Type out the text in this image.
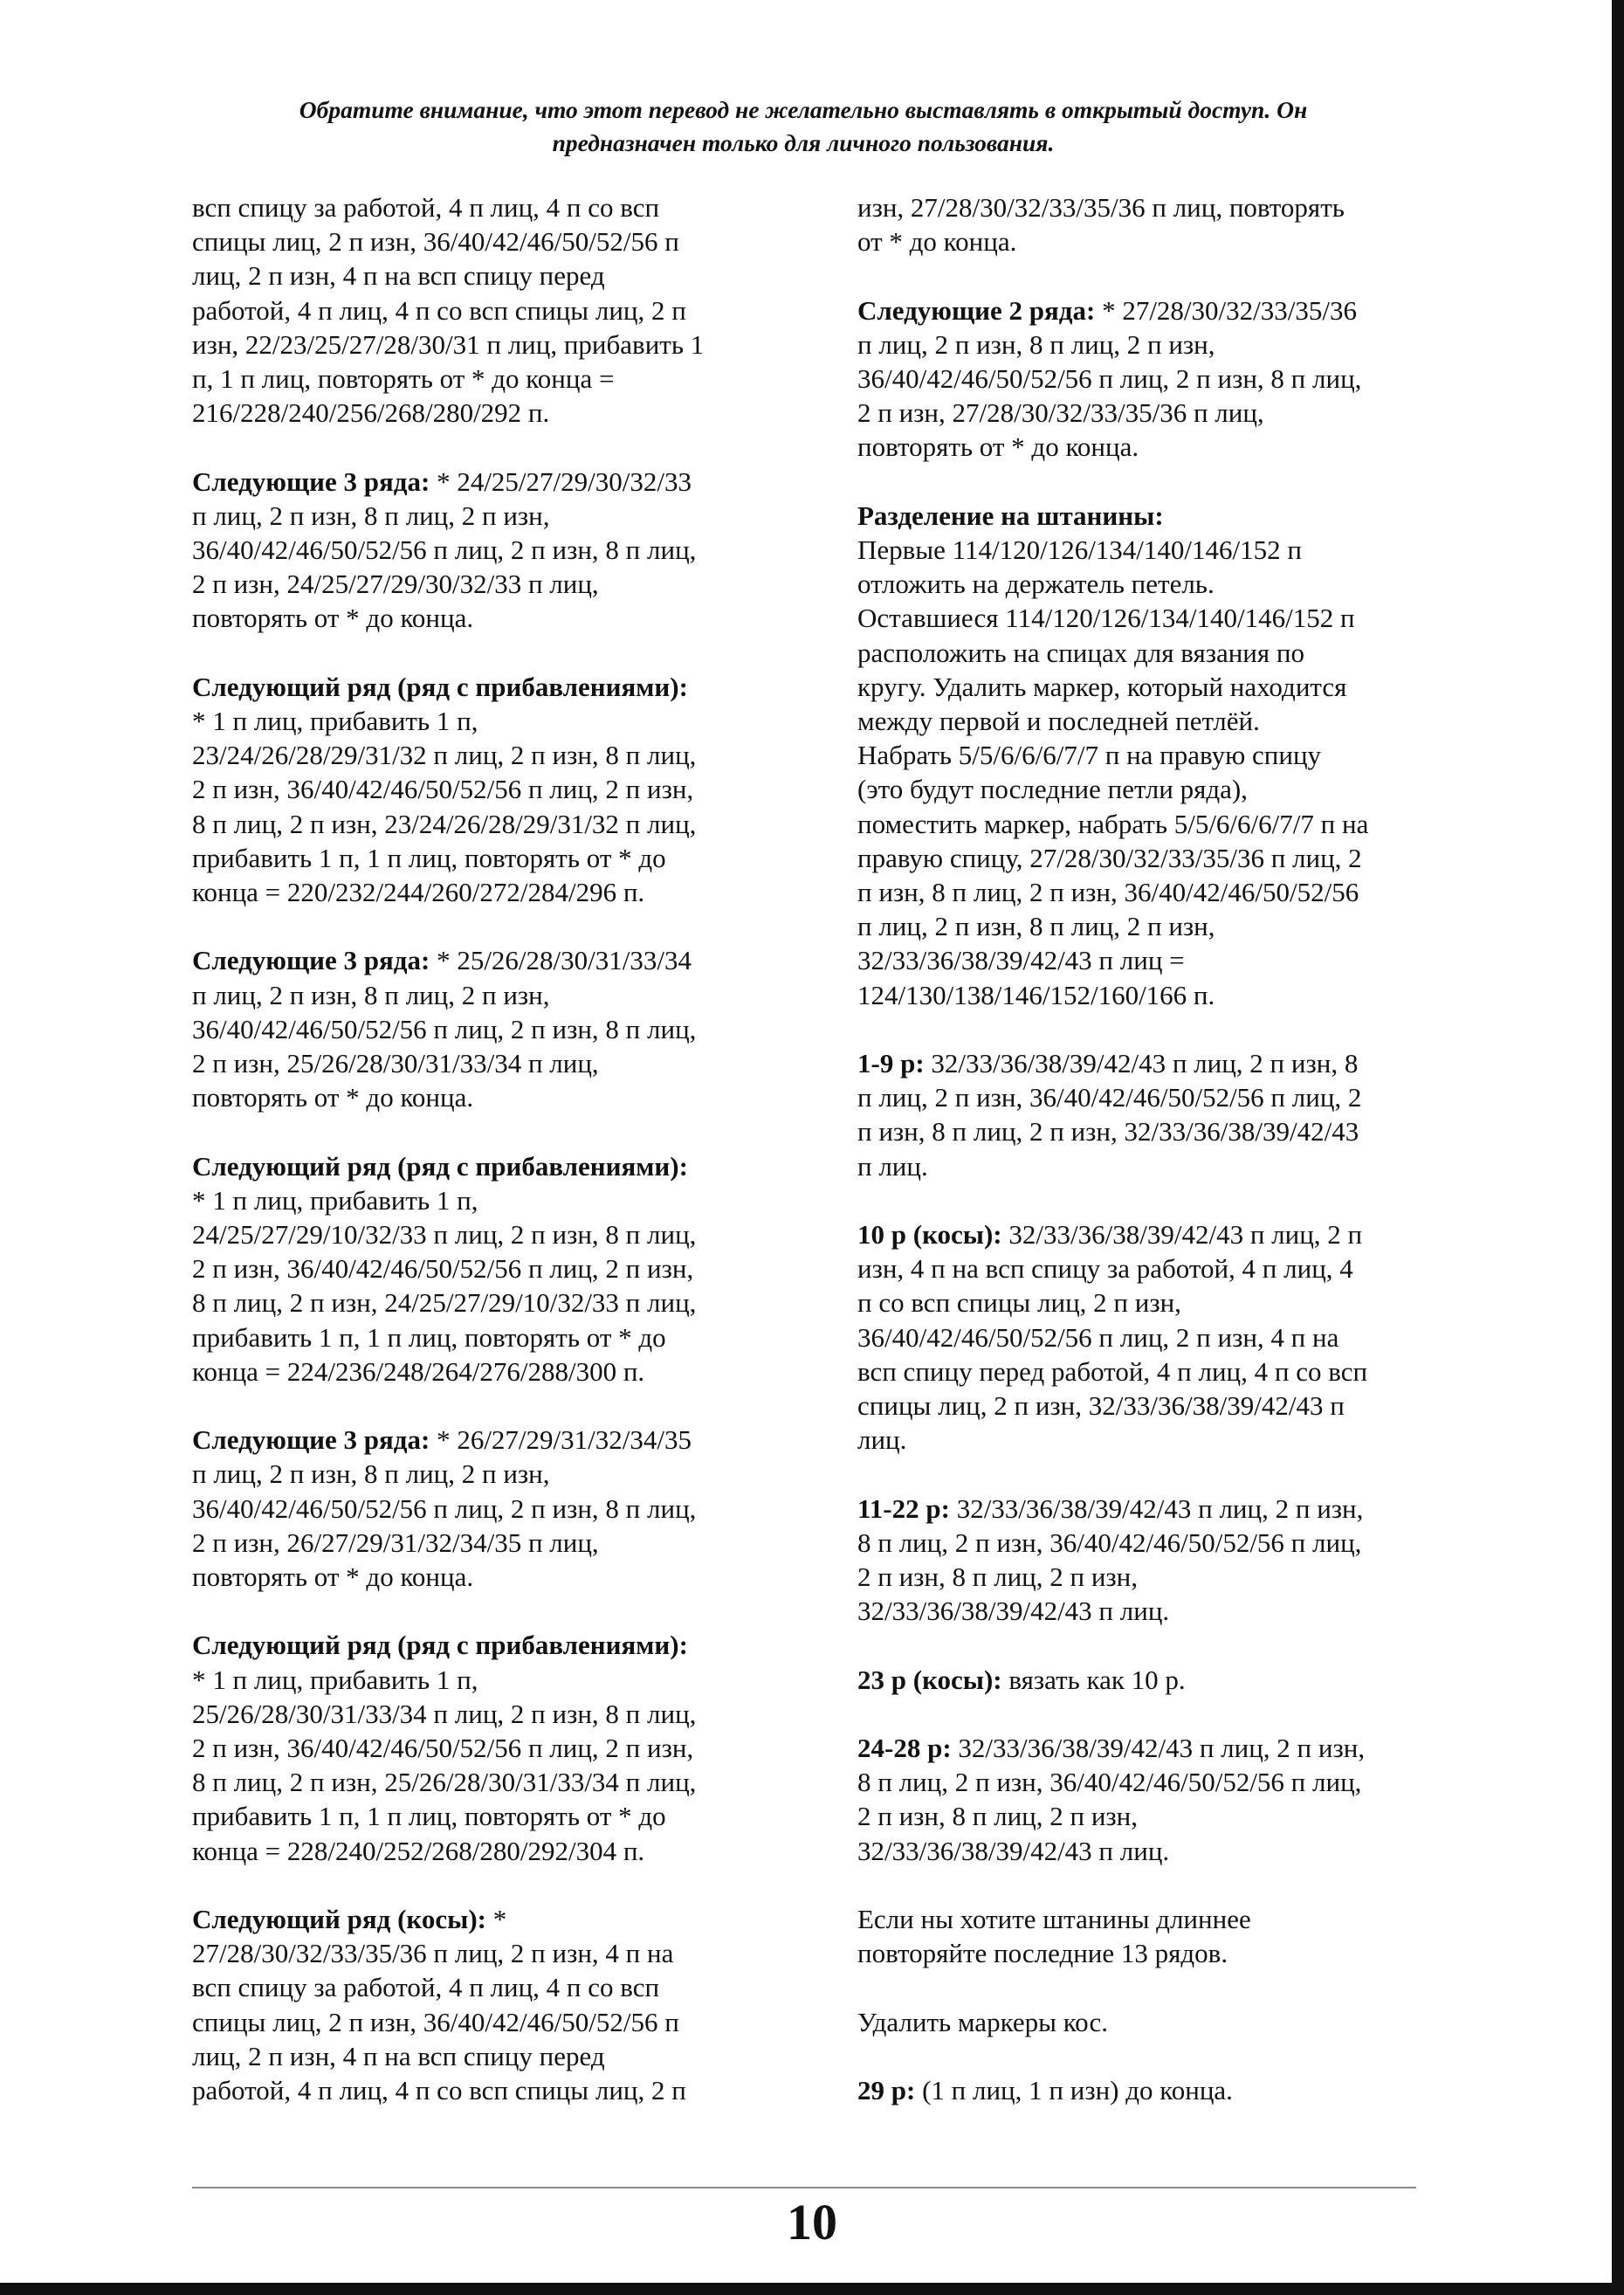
Обратите внимание, что этот перевод не желательно выставлять в открытый доступ. Он
предназначен только для личного пользования.

всп спицу за работой, 4 п лиц, 4 п со всп
спицы лиц, 2 п изн, 36/40/42/46/50/52/56 п
лиц, 2 п изн, 4 п на всп спицу перед
работой, 4 п лиц, 4 п со всп спицы лиц, 2 п
изн, 22/23/25/27/28/30/31 п лиц, прибавить 1
п, 1 п лиц, повторять от * до конца =
216/228/240/256/268/280/292 п.

Следующие 3 ряда: * 24/25/27/29/30/32/33
п лиц, 2 п изн, 8 п лиц, 2 п изн,
36/40/42/46/50/52/56 п лиц, 2 п изн, 8 п лиц,
2 п изн, 24/25/27/29/30/32/33 п лиц,
повторять от * до конца.

Следующий ряд (ряд с прибавлениями):
* 1 п лиц, прибавить 1 п,
23/24/26/28/29/31/32 п лиц, 2 п изн, 8 п лиц,
2 п изн, 36/40/42/46/50/52/56 п лиц, 2 п изн,
8 п лиц, 2 п изн, 23/24/26/28/29/31/32 п лиц,
прибавить 1 п, 1 п лиц, повторять от * до
конца = 220/232/244/260/272/284/296 п.

Следующие 3 ряда: * 25/26/28/30/31/33/34
п лиц, 2 п изн, 8 п лиц, 2 п изн,
36/40/42/46/50/52/56 п лиц, 2 п изн, 8 п лиц,
2 п изн, 25/26/28/30/31/33/34 п лиц,
повторять от * до конца.

Следующий ряд (ряд с прибавлениями):
* 1 п лиц, прибавить 1 п,
24/25/27/29/10/32/33 п лиц, 2 п изн, 8 п лиц,
2 п изн, 36/40/42/46/50/52/56 п лиц, 2 п изн,
8 п лиц, 2 п изн, 24/25/27/29/10/32/33 п лиц,
прибавить 1 п, 1 п лиц, повторять от * до
конца = 224/236/248/264/276/288/300 п.

Следующие 3 ряда: * 26/27/29/31/32/34/35
п лиц, 2 п изн, 8 п лиц, 2 п изн,
36/40/42/46/50/52/56 п лиц, 2 п изн, 8 п лиц,
2 п изн, 26/27/29/31/32/34/35 п лиц,
повторять от * до конца.

Следующий ряд (ряд с прибавлениями):
* 1 п лиц, прибавить 1 п,
25/26/28/30/31/33/34 п лиц, 2 п изн, 8 п лиц,
2 п изн, 36/40/42/46/50/52/56 п лиц, 2 п изн,
8 п лиц, 2 п изн, 25/26/28/30/31/33/34 п лиц,
прибавить 1 п, 1 п лиц, повторять от * до
конца = 228/240/252/268/280/292/304 п.

Следующий ряд (косы): *
27/28/30/32/33/35/36 п лиц, 2 п изн, 4 п на
всп спицу за работой, 4 п лиц, 4 п со всп
спицы лиц, 2 п изн, 36/40/42/46/50/52/56 п
лиц, 2 п изн, 4 п на всп спицу перед
работой, 4 п лиц, 4 п со всп спицы лиц, 2 п

изн, 27/28/30/32/33/35/36 п лиц, повторять
от * до конца.

Следующие 2 ряда: * 27/28/30/32/33/35/36
п лиц, 2 п изн, 8 п лиц, 2 п изн,
36/40/42/46/50/52/56 п лиц, 2 п изн, 8 п лиц,
2 п изн, 27/28/30/32/33/35/36 п лиц,
повторять от * до конца.

Разделение на штанины:
Первые 114/120/126/134/140/146/152 п
отложить на держатель петель.
Оставшиеся 114/120/126/134/140/146/152 п
расположить на спицах для вязания по
кругу. Удалить маркер, который находится
между первой и последней петлёй.
Набрать 5/5/6/6/6/7/7 п на правую спицу
(это будут последние петли ряда),
поместить маркер, набрать 5/5/6/6/6/7/7 п на
правую спицу, 27/28/30/32/33/35/36 п лиц, 2
п изн, 8 п лиц, 2 п изн, 36/40/42/46/50/52/56
п лиц, 2 п изн, 8 п лиц, 2 п изн,
32/33/36/38/39/42/43 п лиц =
124/130/138/146/152/160/166 п.

1-9 р: 32/33/36/38/39/42/43 п лиц, 2 п изн, 8
п лиц, 2 п изн, 36/40/42/46/50/52/56 п лиц, 2
п изн, 8 п лиц, 2 п изн, 32/33/36/38/39/42/43
п лиц.

10 р (косы): 32/33/36/38/39/42/43 п лиц, 2 п
изн, 4 п на всп спицу за работой, 4 п лиц, 4
п со всп спицы лиц, 2 п изн,
36/40/42/46/50/52/56 п лиц, 2 п изн, 4 п на
всп спицу перед работой, 4 п лиц, 4 п со всп
спицы лиц, 2 п изн, 32/33/36/38/39/42/43 п
лиц.

11-22 р: 32/33/36/38/39/42/43 п лиц, 2 п изн,
8 п лиц, 2 п изн, 36/40/42/46/50/52/56 п лиц,
2 п изн, 8 п лиц, 2 п изн,
32/33/36/38/39/42/43 п лиц.

23 р (косы): вязать как 10 р.

24-28 р: 32/33/36/38/39/42/43 п лиц, 2 п изн,
8 п лиц, 2 п изн, 36/40/42/46/50/52/56 п лиц,
2 п изн, 8 п лиц, 2 п изн,
32/33/36/38/39/42/43 п лиц.

Если ны хотите штанины длиннее
повторяйте последние 13 рядов.

Удалить маркеры кос.

29 р: (1 п лиц, 1 п изн) до конца.

10
